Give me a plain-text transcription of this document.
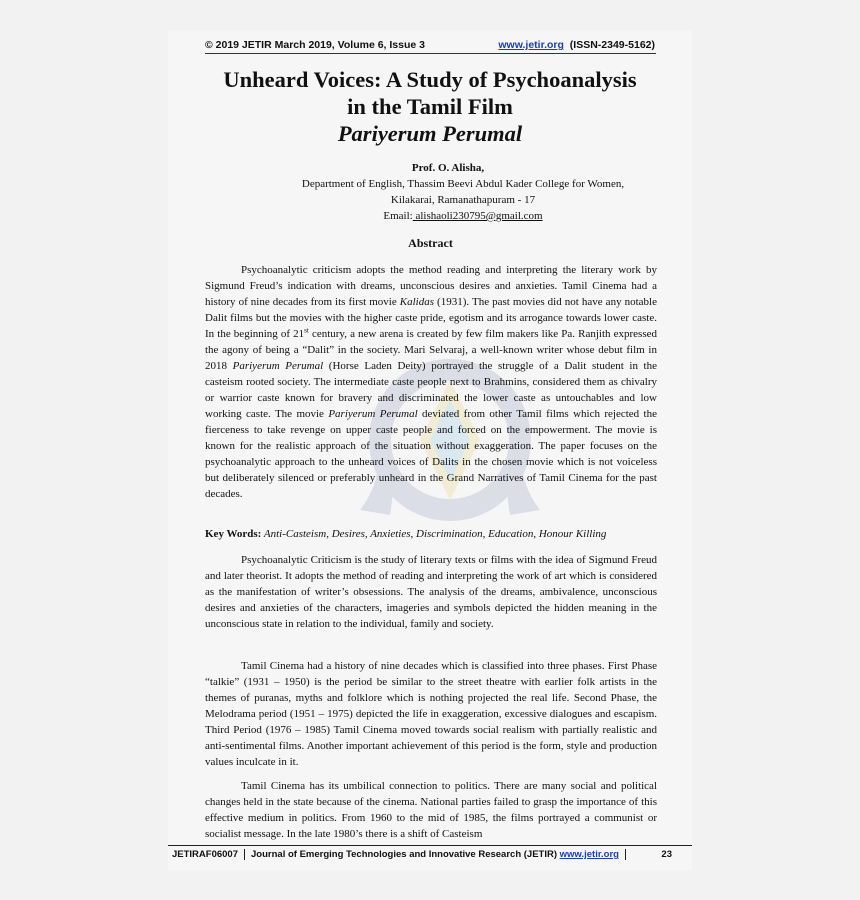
© 2019 JETIR March 2019, Volume 6, Issue 3	www.jetir.org (ISSN-2349-5162)

Unheard Voices: A Study of Psychoanalysis

in the Tamil Film

Pariyerum Perumal

Prof. O. Alisha,
Department of English, Thassim Beevi Abdul Kader College for Women,
Kilakarai, Ramanathapuram - 17
Email: alishaoli230795@gmail.com
Abstract

Psychoanalytic criticism adopts the method reading and interpreting the literary work by Sigmund Freud’s indication with dreams, unconscious desires and anxieties. Tamil Cinema had a history of nine decades from its first movie Kalidas (1931). The past movies did not have any notable Dalit films but the movies with the higher caste pride, egotism and its arrogance towards lower caste. In the beginning of 21st century, a new arena is created by few film makers like Pa. Ranjith expressed the agony of being a “Dalit” in the society. Mari Selvaraj, a well-known writer whose debut film in 2018 Pariyerum Perumal (Horse Laden Deity) portrayed the struggle of a Dalit student in the casteism rooted society. The intermediate caste people next to Brahmins, considered them as chivalry or warrior caste known for bravery and discriminated the lower caste as untouchables and low working caste. The movie Pariyerum Perumal deviated from other Tamil films which rejected the fierceness to take revenge on upper caste people and forced on the empowerment. The movie is known for the realistic approach of the situation without exaggeration. The paper focuses on the psychoanalytic approach to the unheard voices of Dalits in the chosen movie which is not voiceless but deliberately silenced or preferably unheard in the Grand Narratives of Tamil Cinema for the past decades.

Key Words: Anti-Casteism, Desires, Anxieties, Discrimination, Education, Honour Killing

Psychoanalytic Criticism is the study of literary texts or films with the idea of Sigmund Freud and later theorist. It adopts the method of reading and interpreting the work of art which is considered as the manifestation of writer’s obsessions. The analysis of the dreams, ambivalence, unconscious desires and anxieties of the characters, imageries and symbols depicted the hidden meaning in the unconscious state in relation to the individual, family and society.

Tamil Cinema had a history of nine decades which is classified into three phases. First Phase “talkie” (1931 – 1950) is the period be similar to the street theatre with earlier folk artists in the themes of puranas, myths and folklore which is nothing projected the real life. Second Phase, the Melodrama period (1951 – 1975) depicted the life in exaggeration, excessive dialogues and escapism. Third Period (1976 – 1985) Tamil Cinema moved towards social realism with partially realistic and anti-sentimental films. Another important achievement of this period is the form, style and production values inculcate in it.

Tamil Cinema has its umbilical connection to politics. There are many social and political changes held in the state because of the cinema. National parties failed to grasp the importance of this effective medium in politics. From 1960 to the mid of 1985, the films portrayed a communist or socialist message. In the late 1980’s there is a shift of Casteism

JETIRAF06007 Journal of Emerging Technologies and Innovative Research (JETIR)
www.jetir.org	23
